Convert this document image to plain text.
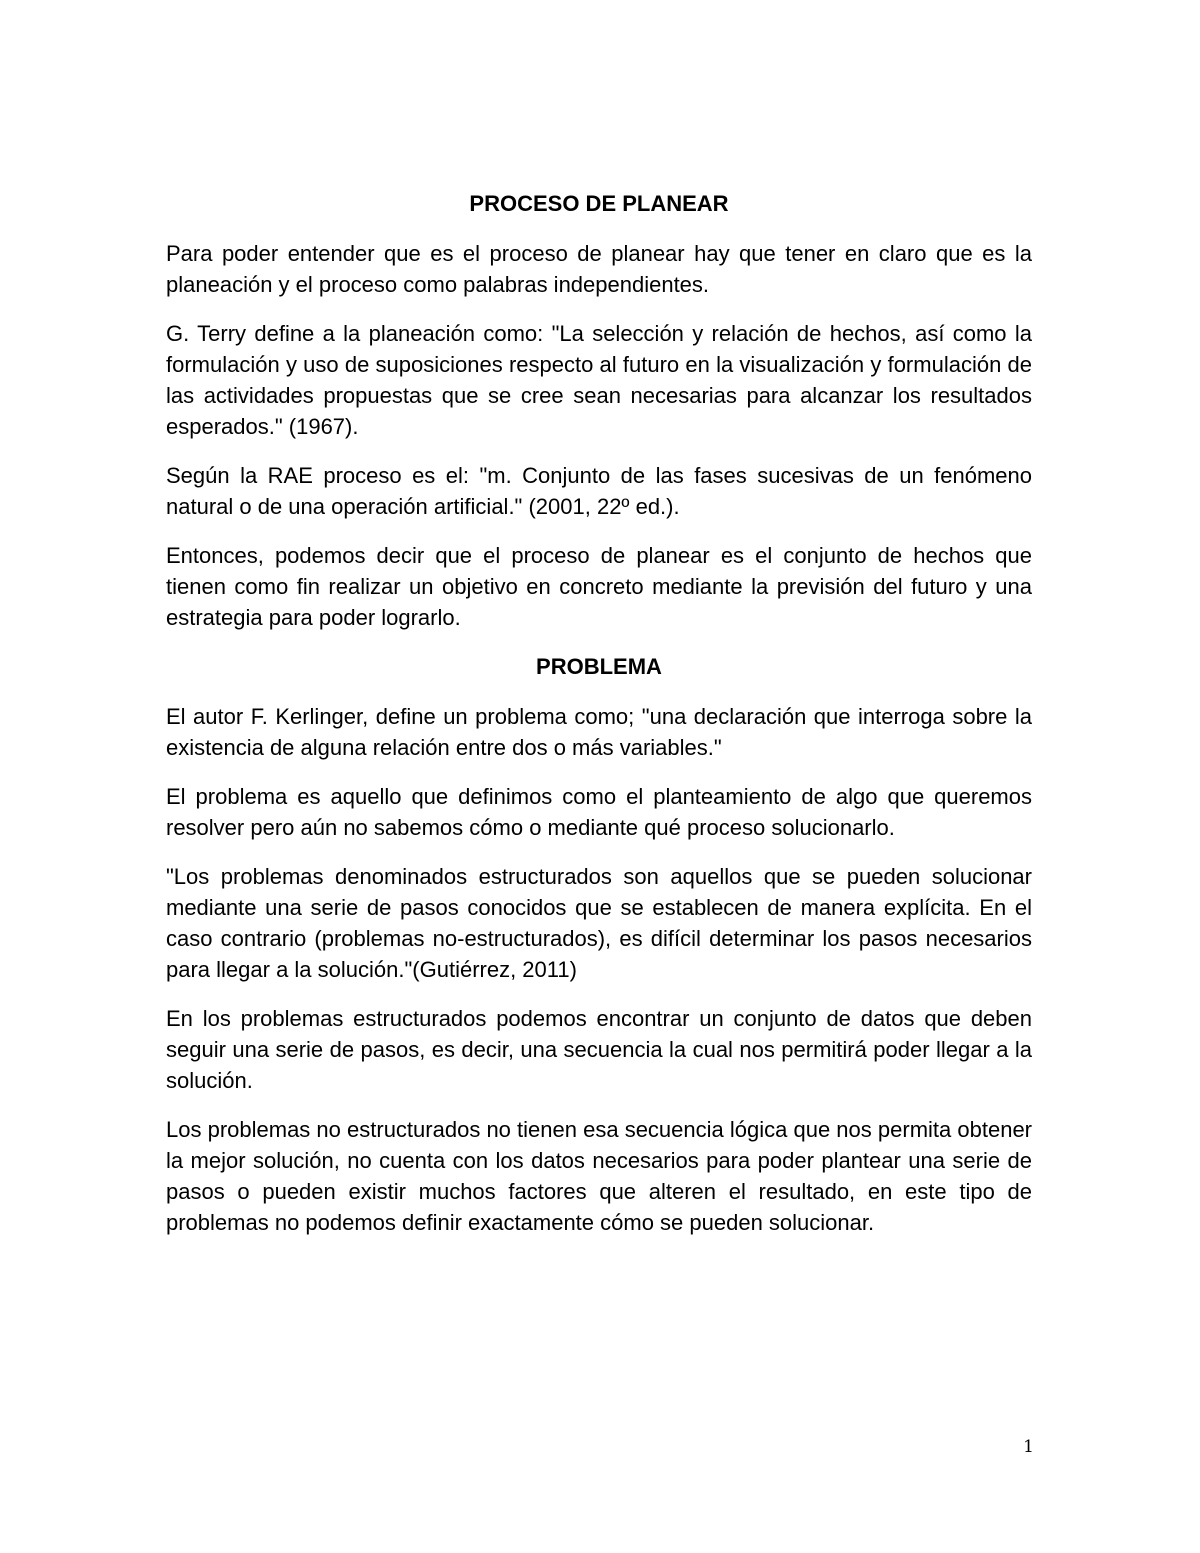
PROCESO DE PLANEAR

Para poder entender que es el proceso de planear hay que tener en claro que es la planeación y el proceso como palabras independientes.

G. Terry define a la planeación como: "La selección y relación de hechos, así como la formulación y uso de suposiciones respecto al futuro en la visualización y formulación de las actividades propuestas que se cree sean necesarias para alcanzar los resultados esperados." (1967).

Según la RAE proceso es el: "m. Conjunto de las fases sucesivas de un fenómeno natural o de una operación artificial." (2001, 22º ed.).

Entonces, podemos decir que el proceso de planear es el conjunto de hechos que tienen como fin realizar un objetivo en concreto mediante la previsión del futuro y una estrategia para poder lograrlo.

PROBLEMA

El autor F. Kerlinger, define un problema como; "una declaración que interroga sobre la existencia de alguna relación entre dos o más variables."

El problema es aquello que definimos como el planteamiento de algo que queremos resolver pero aún no sabemos cómo o mediante qué proceso solucionarlo.

"Los problemas denominados estructurados son aquellos que se pueden solucionar mediante una serie de pasos conocidos que se establecen de manera explícita. En el caso contrario (problemas no-estructurados), es difícil determinar los pasos necesarios para llegar a la solución."(Gutiérrez, 2011)

En los problemas estructurados podemos encontrar un conjunto de datos que deben seguir una serie de pasos, es decir, una secuencia la cual nos permitirá poder llegar a la solución.

Los problemas no estructurados no tienen esa secuencia lógica que nos permita obtener la mejor solución, no cuenta con los datos necesarios para poder plantear una serie de pasos o pueden existir muchos factores que alteren el resultado, en este tipo de problemas no podemos definir exactamente cómo se pueden solucionar.

1
